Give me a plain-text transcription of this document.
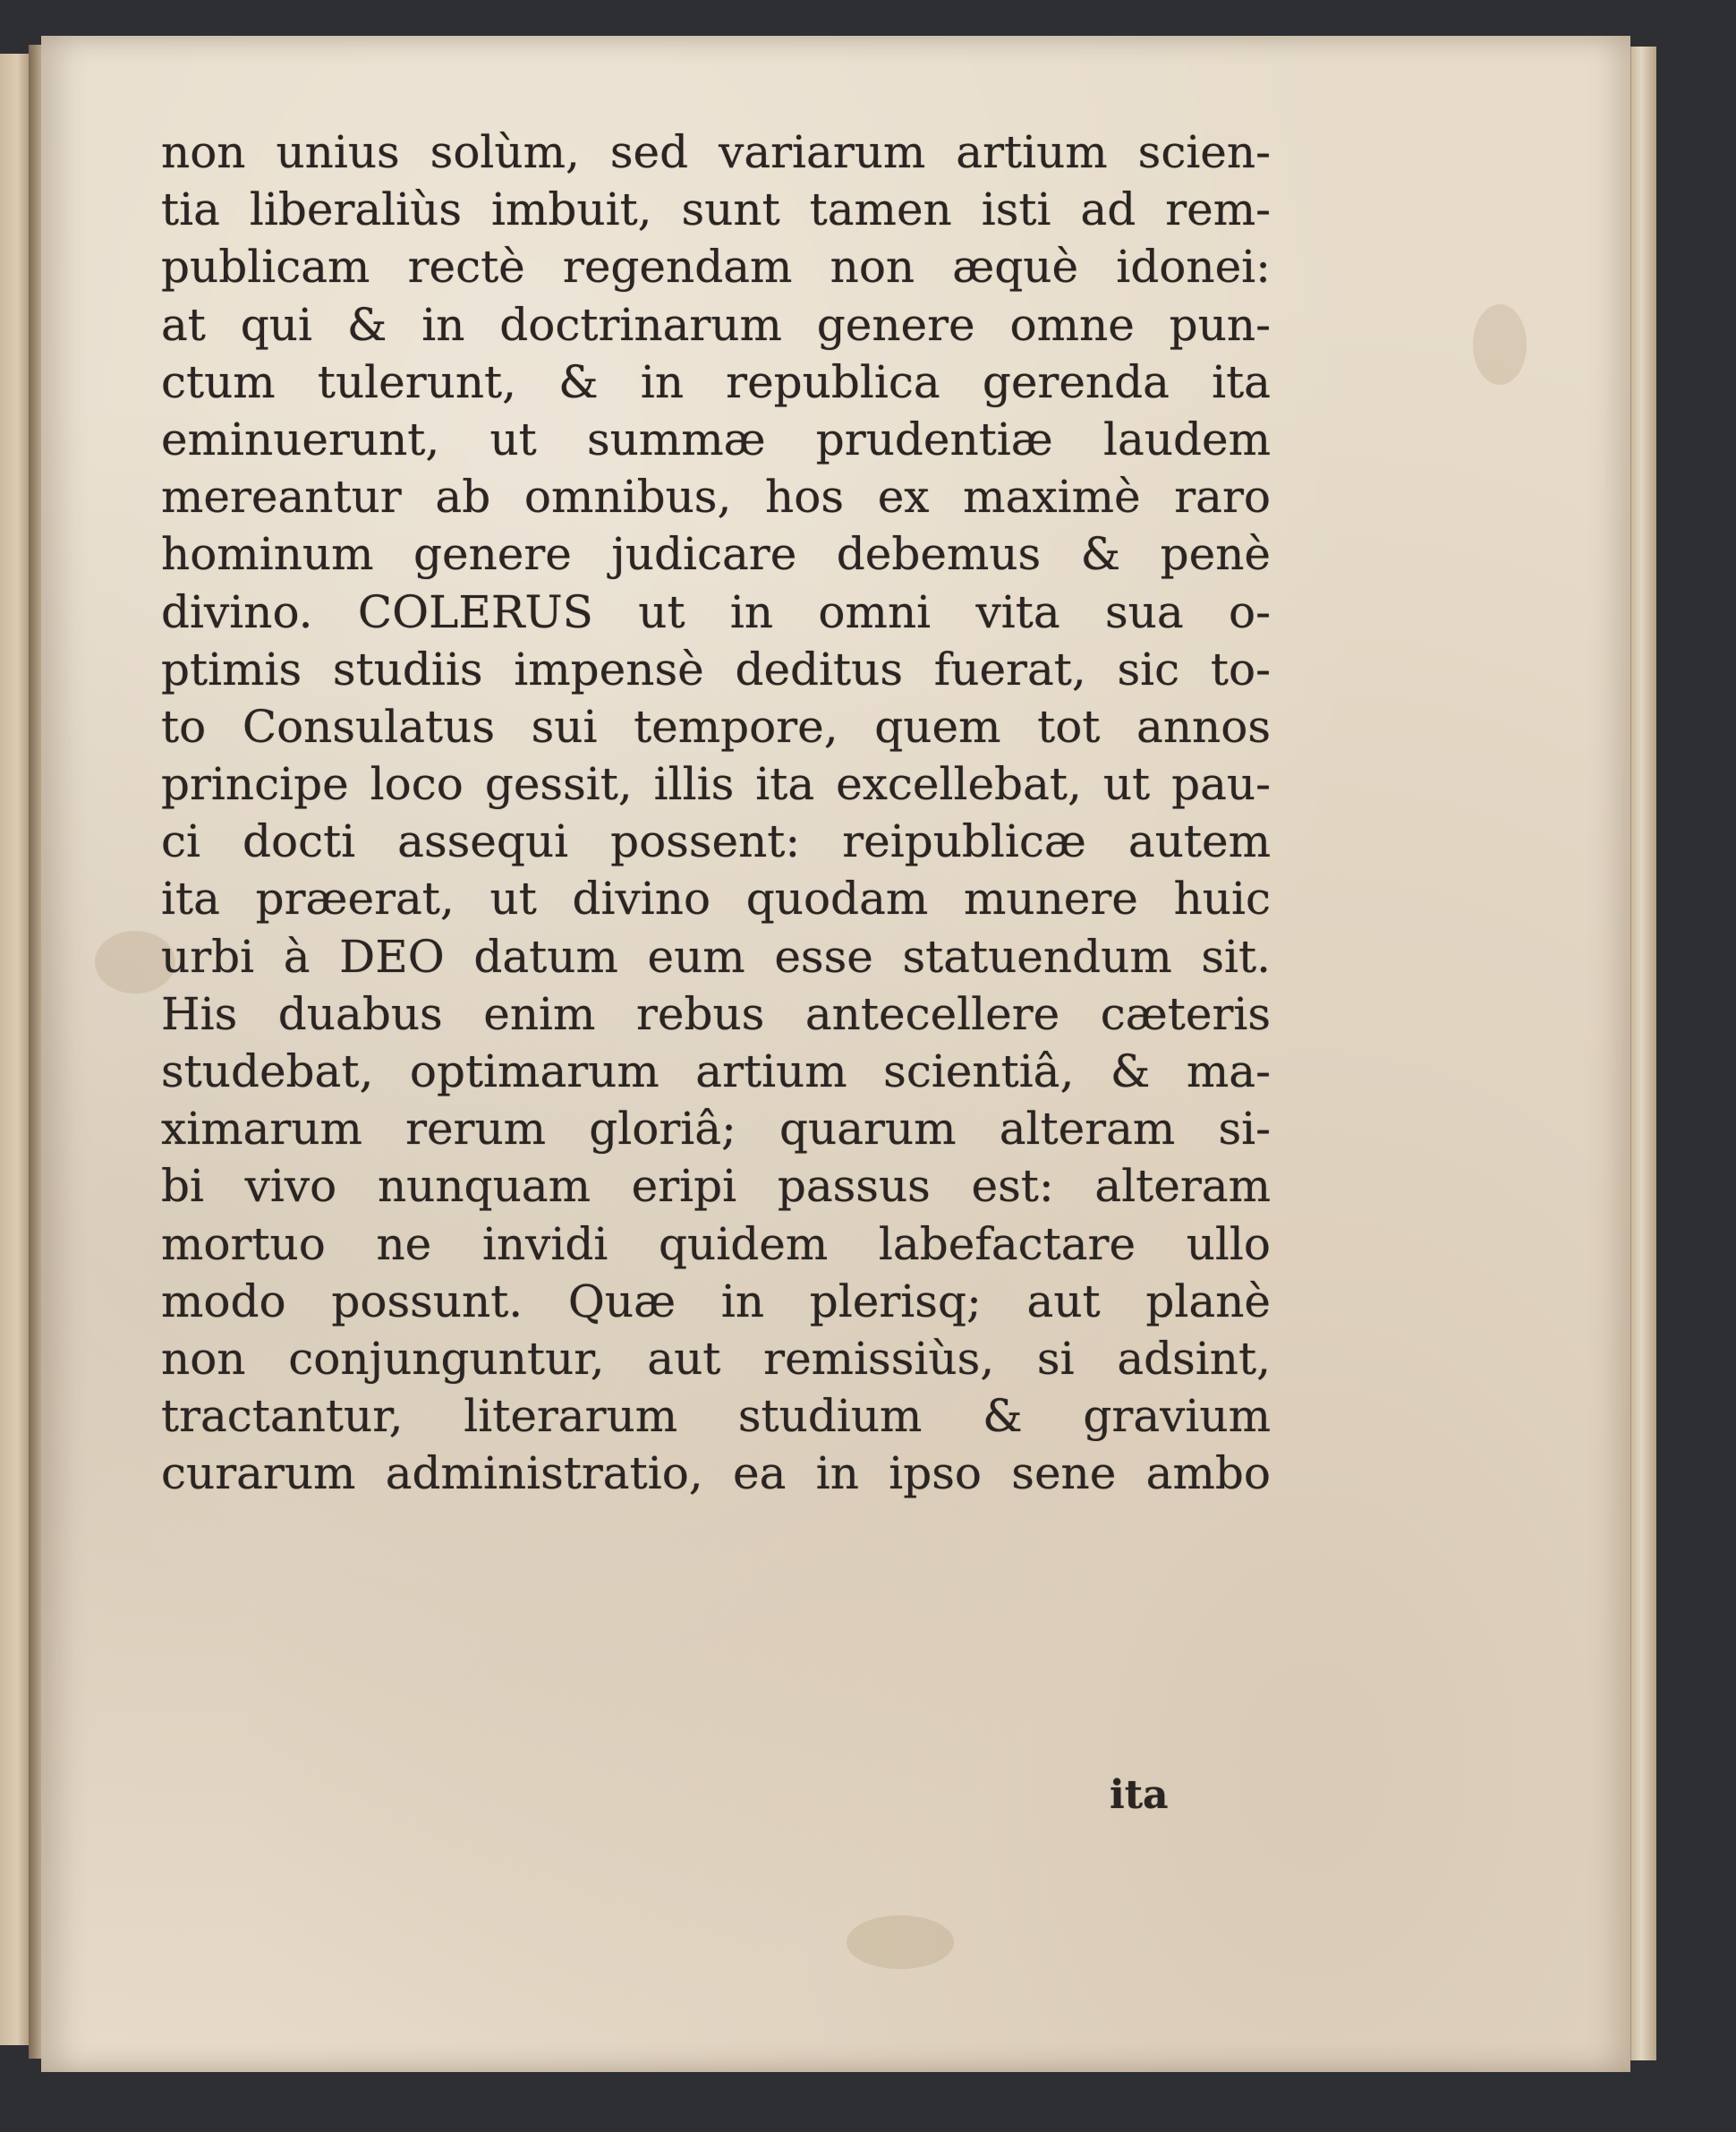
non unius solùm, sed variarum artium scien-
tia liberaliùs imbuit, sunt tamen isti ad rem-
publicam rectè regendam non æquè idonei:
at qui & in doctrinarum genere omne pun-
ctum tulerunt, & in republica gerenda ita
eminuerunt, ut summæ prudentiæ laudem
mereantur ab omnibus, hos ex maximè raro
hominum genere judicare debemus & penè
divino. COLERUS ut in omni vita sua o-
ptimis studiis impensè deditus fuerat, sic to-
to Consulatus sui tempore, quem tot annos
principe loco gessit, illis ita excellebat, ut pau-
ci docti assequi possent: reipublicæ autem
ita præerat, ut divino quodam munere huic
urbi à DEO datum eum esse statuendum sit.
His duabus enim rebus antecellere cæteris
studebat, optimarum artium scientiâ, & ma-
ximarum rerum gloriâ; quarum alteram si-
bi vivo nunquam eripi passus est: alteram
mortuo ne invidi quidem labefactare ullo
modo possunt. Quæ in plerisq; aut planè
non conjunguntur, aut remissiùs, si adsint,
tractantur, literarum studium & gravium
curarum administratio, ea in ipso sene ambo
ita
